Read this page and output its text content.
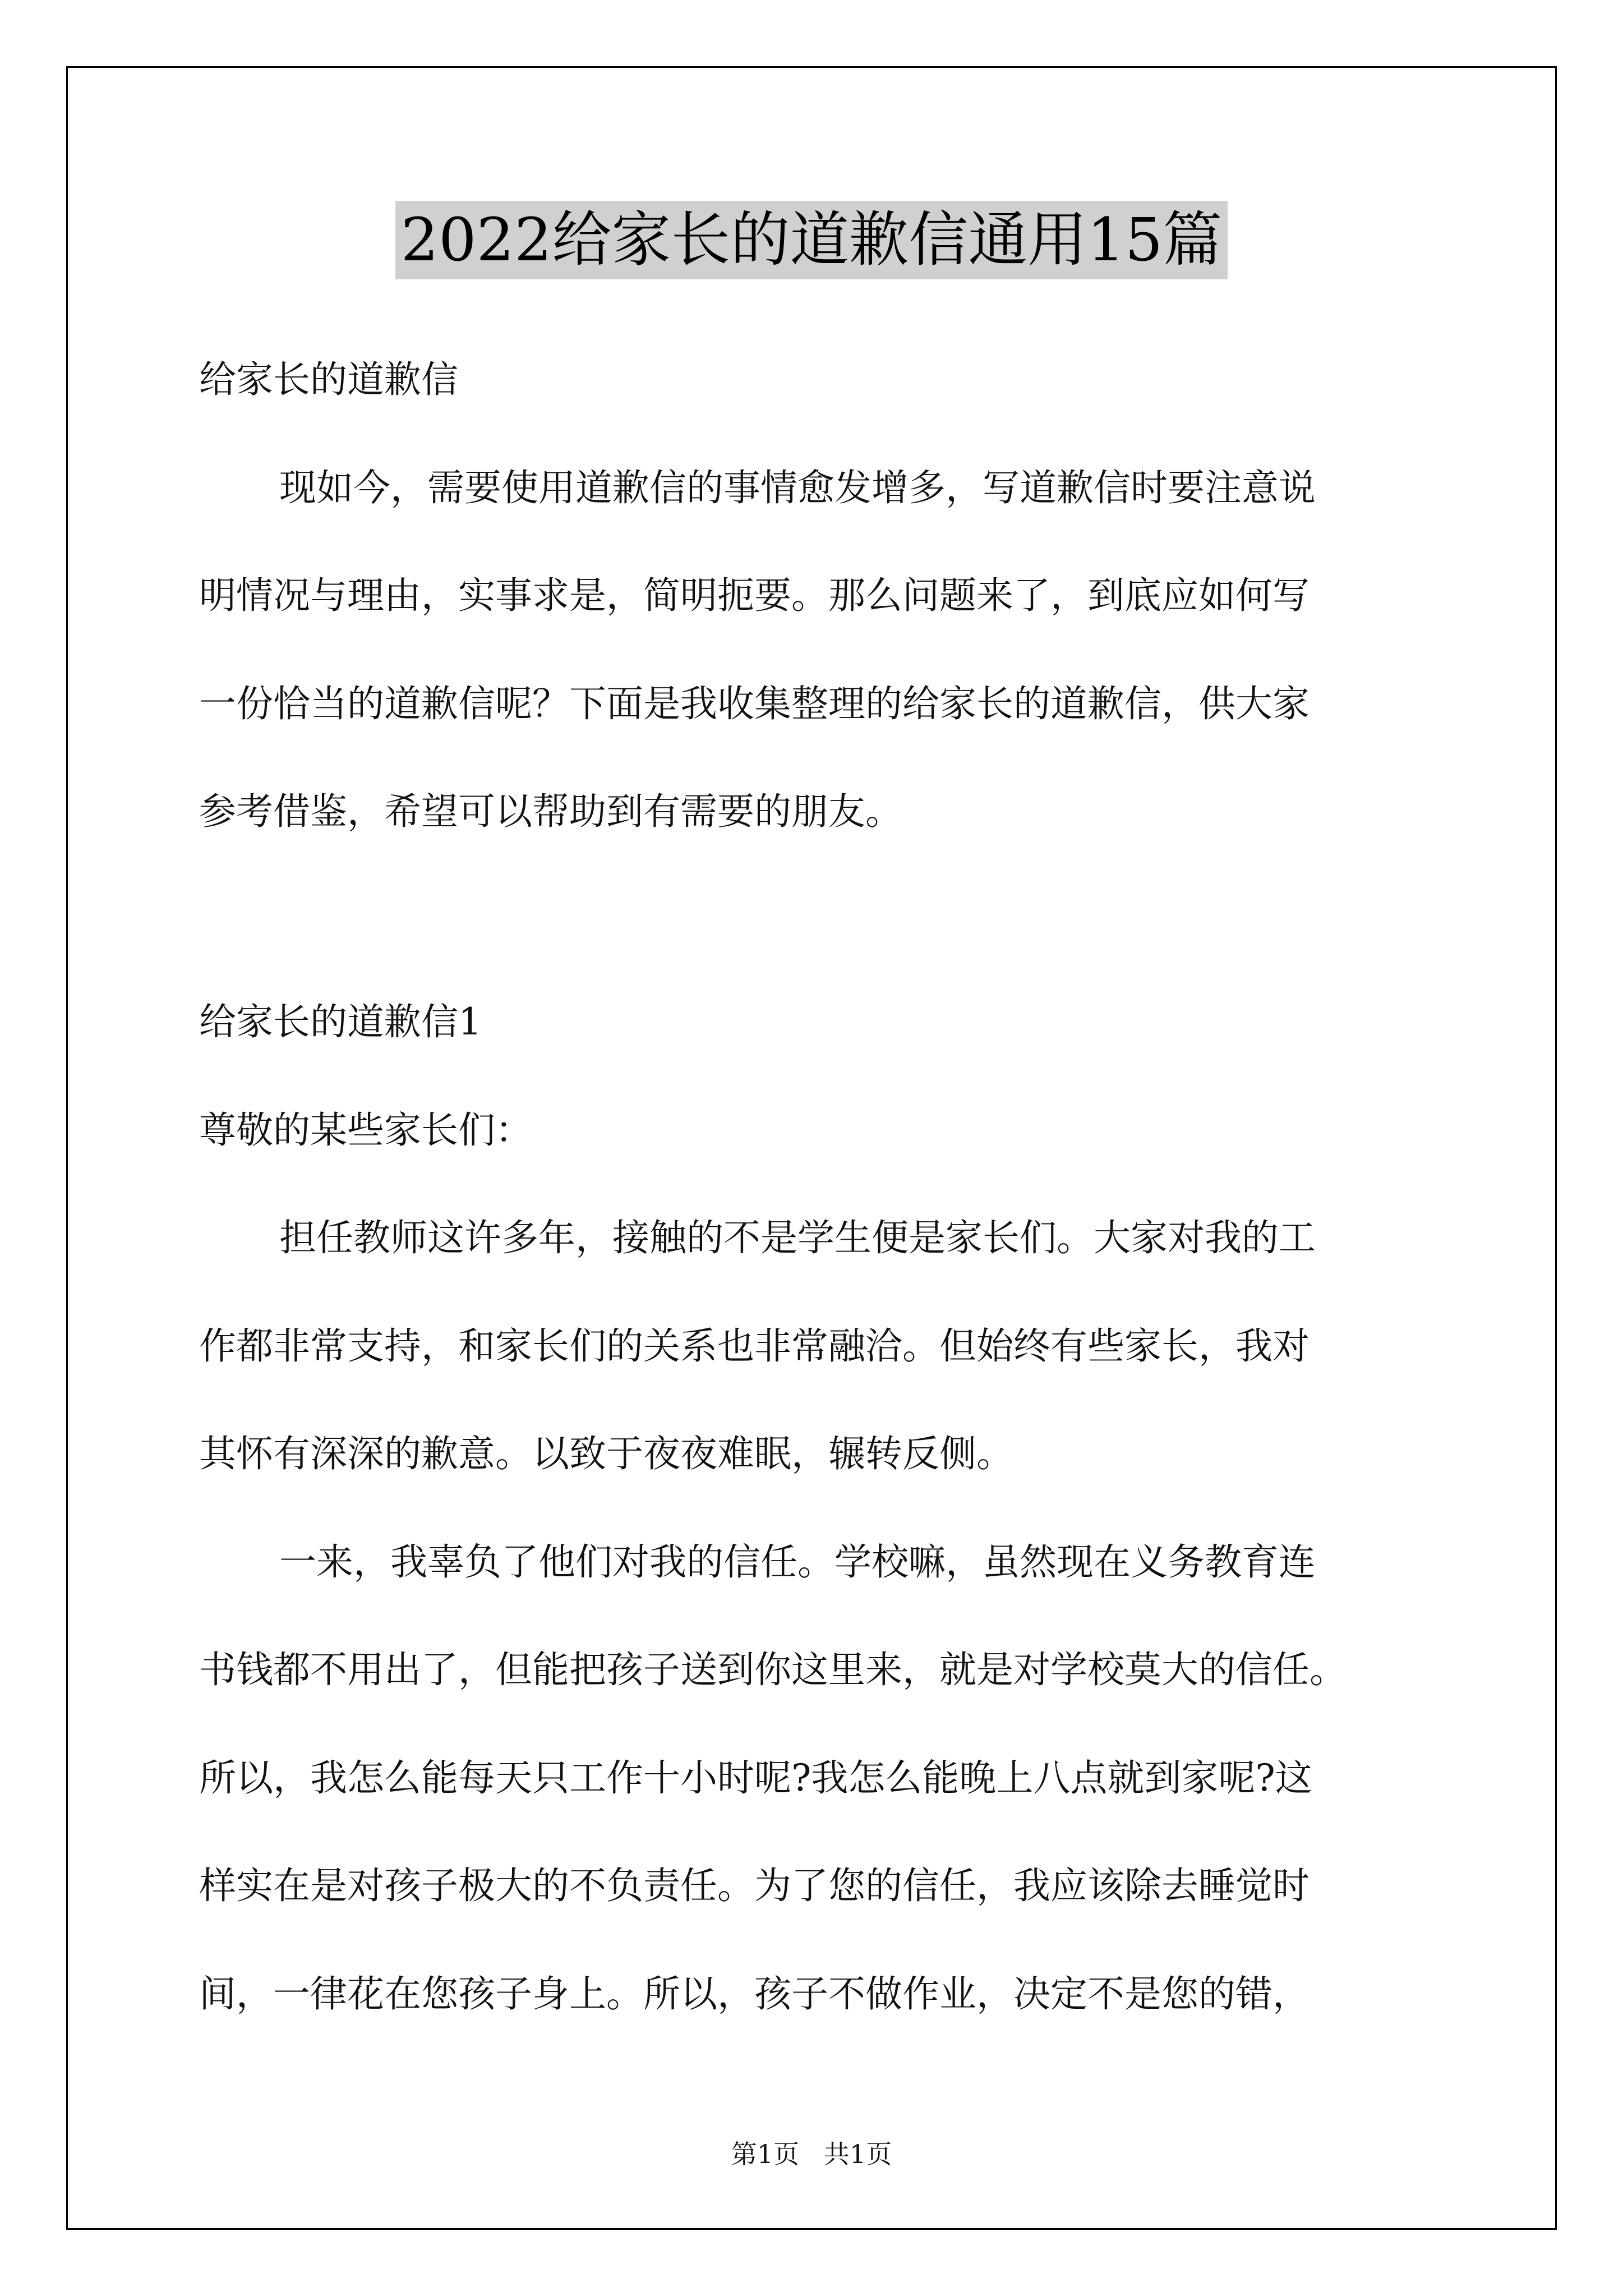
2022给家长的道歉信通用15篇
给家长的道歉信
现如今，需要使用道歉信的事情愈发增多，写道歉信时要注意说
明情况与理由，实事求是，简明扼要。那么问题来了，到底应如何写
一份恰当的道歉信呢？下面是我收集整理的给家长的道歉信，供大家
参考借鉴，希望可以帮助到有需要的朋友。
给家长的道歉信1
尊敬的某些家长们：
担任教师这许多年，接触的不是学生便是家长们。大家对我的工
作都非常支持，和家长们的关系也非常融洽。但始终有些家长，我对
其怀有深深的歉意。以致于夜夜难眠，辗转反侧。
一来，我辜负了他们对我的信任。学校嘛，虽然现在义务教育连
书钱都不用出了，但能把孩子送到你这里来，就是对学校莫大的信任。
所以，我怎么能每天只工作十小时呢?我怎么能晚上八点就到家呢?这
样实在是对孩子极大的不负责任。为了您的信任，我应该除去睡觉时
间，一律花在您孩子身上。所以，孩子不做作业，决定不是您的错，
第1页   共1页
